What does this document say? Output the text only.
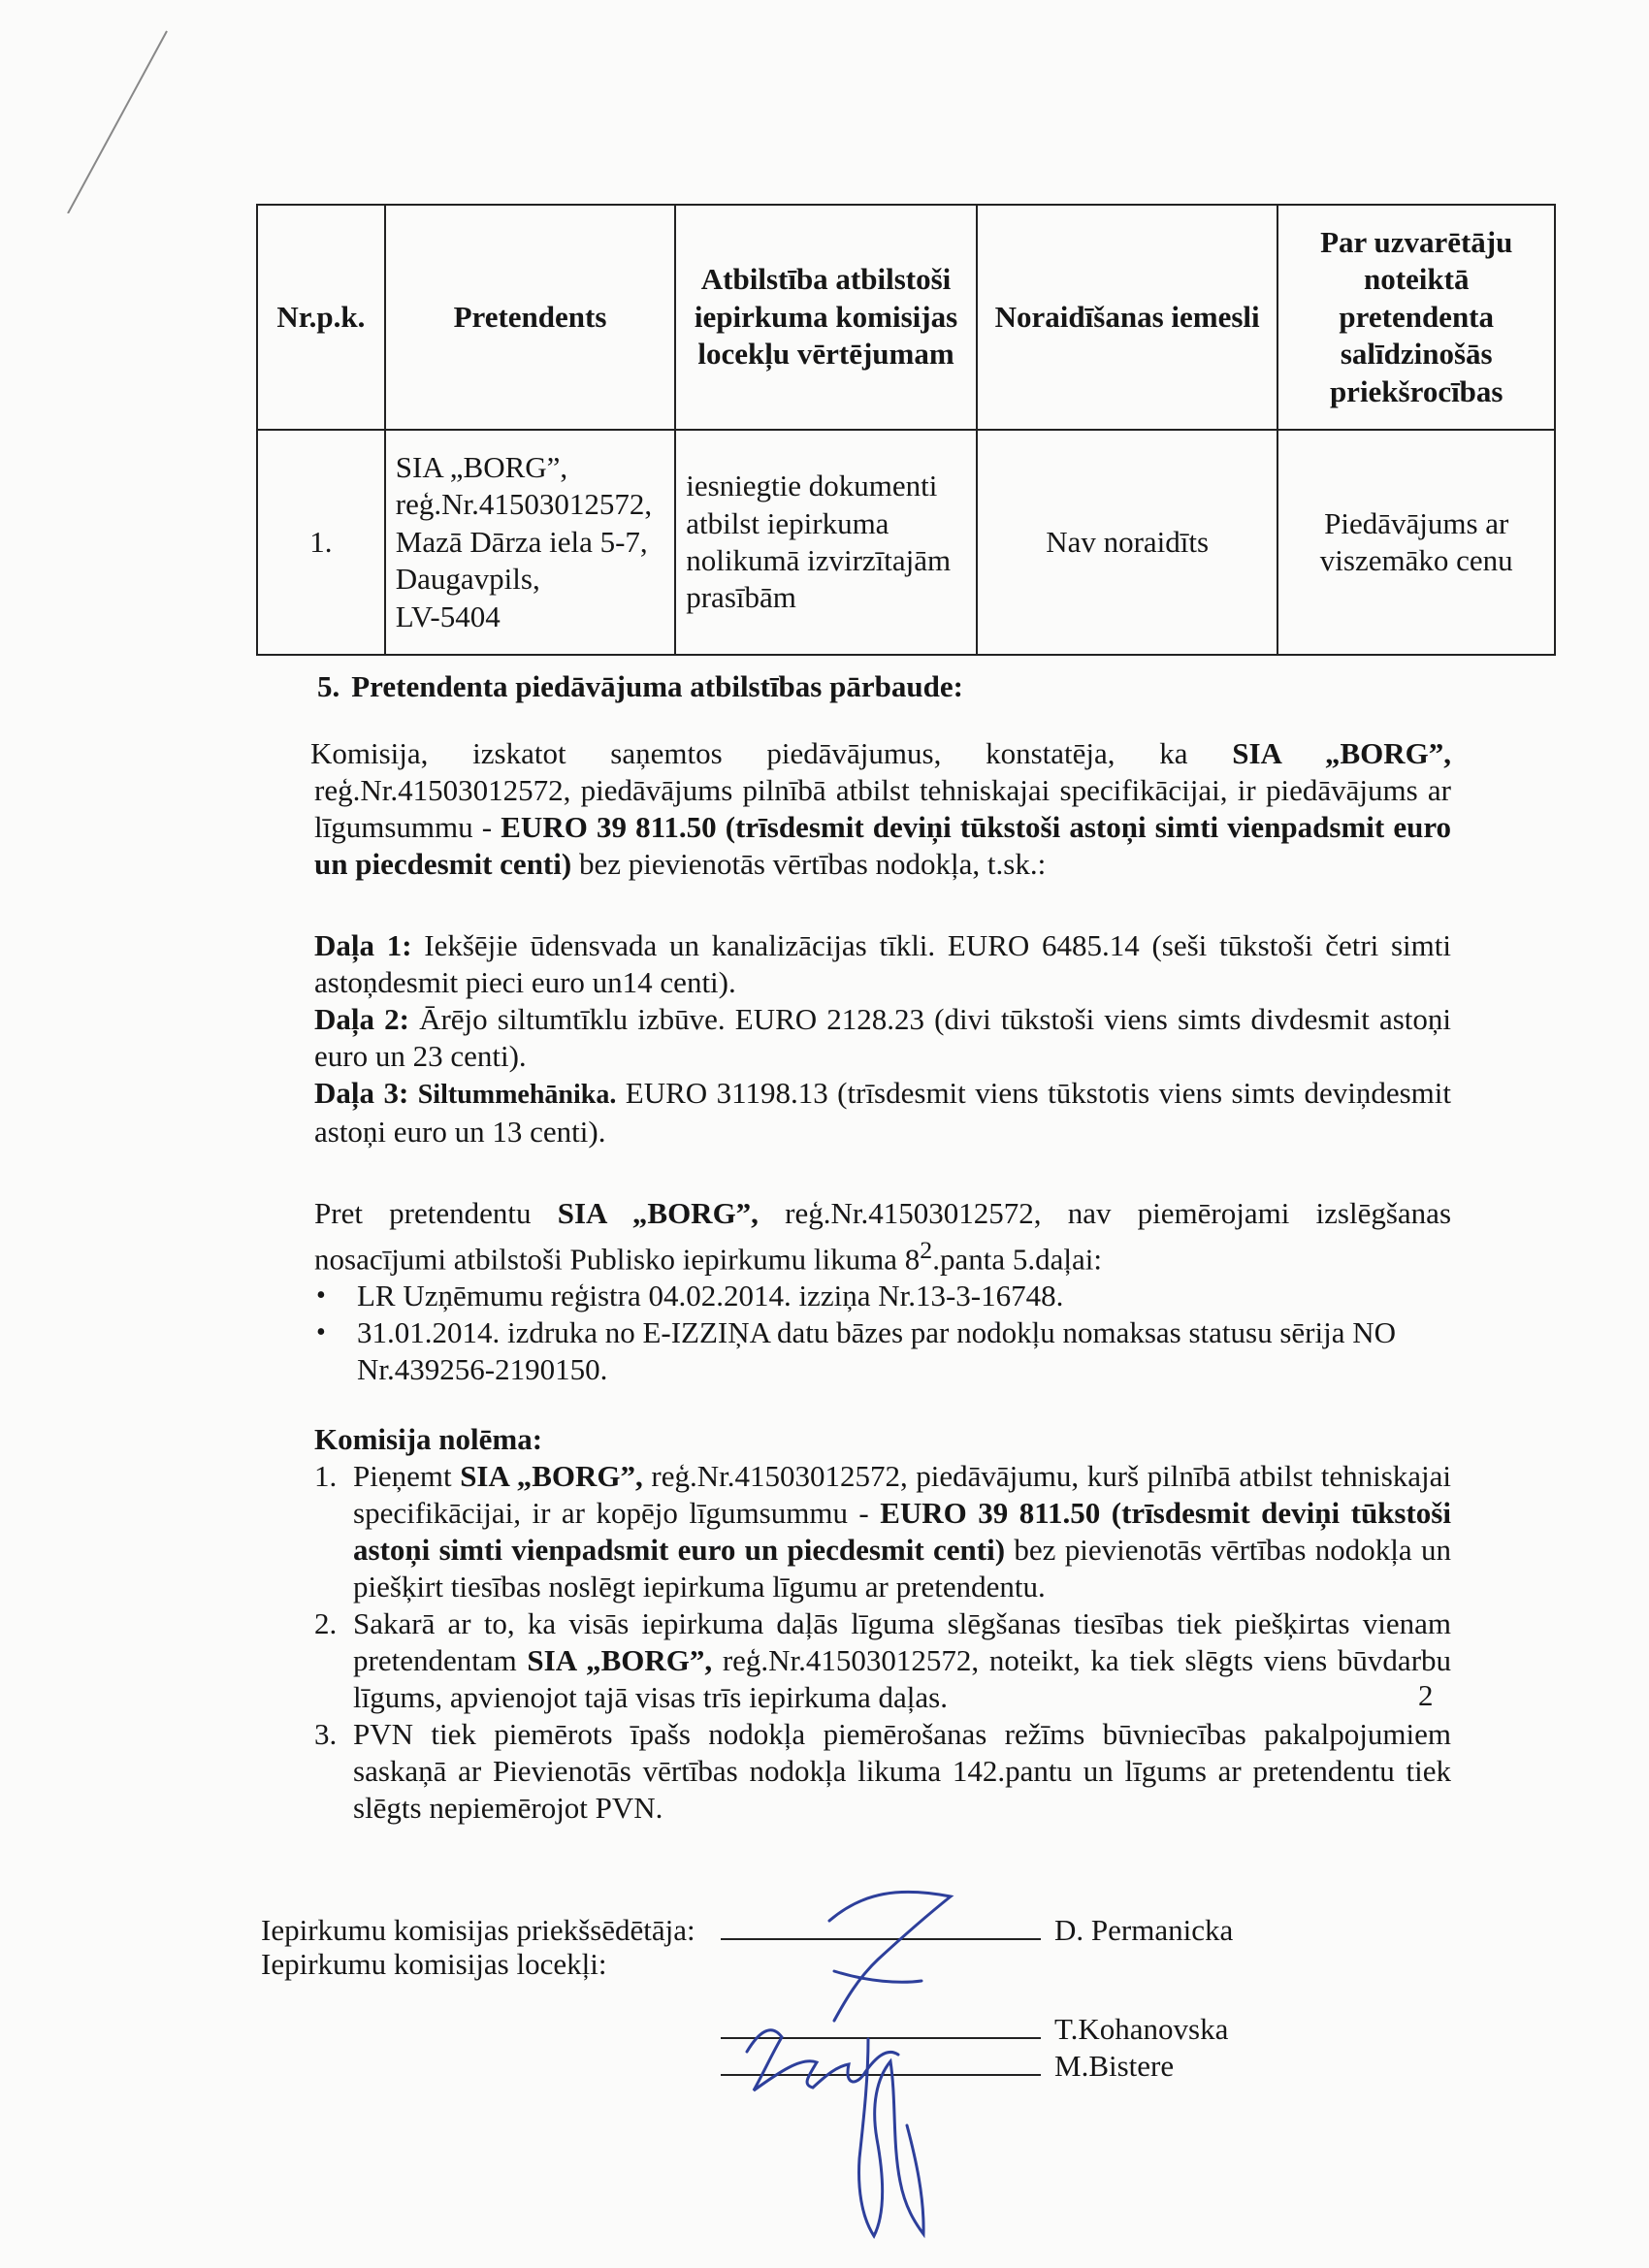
Nr.p.k.	Pretendents	Atbilstība atbilstoši iepirkuma komisijas locekļu vērtējumam	Noraidīšanas iemesli	Par uzvarētāju noteiktā pretendenta salīdzinošās priekšrocības
1.	SIA „BORG”,
reģ.Nr.41503012572,
Mazā Dārza iela 5-7,
Daugavpils,
LV-5404	iesniegtie dokumenti
atbilst iepirkuma
nolikumā izvirzītajām
prasībām	Nav noraidīts	Piedāvājums ar
viszemāko cenu
5. Pretendenta piedāvājuma atbilstības pārbaude:

Komisija, izskatot saņemtos piedāvājumus, konstatēja, ka SIA „BORG”, reģ.Nr.41503012572, piedāvājums pilnībā atbilst tehniskajai specifikācijai, ir piedāvājums ar līgumsummu - EURO 39 811.50 (trīsdesmit deviņi tūkstoši astoņi simti vienpadsmit euro un piecdesmit centi) bez pievienotās vērtības nodokļa, t.sk.:

Daļa 1: Iekšējie ūdensvada un kanalizācijas tīkli. EURO 6485.14 (seši tūkstoši četri simti astoņdesmit pieci euro un14 centi).

Daļa 2: Ārējo siltumtīklu izbūve. EURO 2128.23 (divi tūkstoši viens simts divdesmit astoņi euro un 23 centi).

Daļa 3: Siltummehānika. EURO 31198.13 (trīsdesmit viens tūkstotis viens simts deviņdesmit astoņi euro un 13 centi).

Pret pretendentu SIA „BORG”, reģ.Nr.41503012572, nav piemērojami izslēgšanas nosacījumi atbilstoši Publisko iepirkumu likuma $8^2.panta$ 5.daļai:

• LR Uzņēmumu reģistra 04.02.2014. izziņa Nr.13-3-16748.
• 31.01.2014. izdruka no E-IZZIŅA datu bāzes par nodokļu nomaksas statusu sērija NO Nr.439256-2190150.

Komisija nolēma:

1. Pieņemt SIA „BORG”, reģ.Nr.41503012572, piedāvājumu, kurš pilnībā atbilst tehniskajai specifikācijai, ir ar kopējo līgumsummu - EURO 39 811.50 (trīsdesmit deviņi tūkstoši astoņi simti vienpadsmit euro un piecdesmit centi) bez pievienotās vērtības nodokļa un piešķirt tiesības noslēgt iepirkuma līgumu ar pretendentu.
2. Sakarā ar to, ka visās iepirkuma daļās līguma slēgšanas tiesības tiek piešķirtas vienam pretendentam SIA „BORG”, reģ.Nr.41503012572, noteikt, ka tiek slēgts viens būvdarbu līgums, apvienojot tajā visas trīs iepirkuma daļas.
3. PVN tiek piemērots īpašs nodokļa piemērošanas režīms būvniecības pakalpojumiem saskaņā ar Pievienotās vērtības nodokļa likuma 142.pantu un līgums ar pretendentu tiek slēgts nepiemērojot PVN.
Iepirkumu komisijas priekšsēdētāja:	D. Permanicka
Iepirkumu komisijas locekļi:
T.Kohanovska
M.Bistere
2
